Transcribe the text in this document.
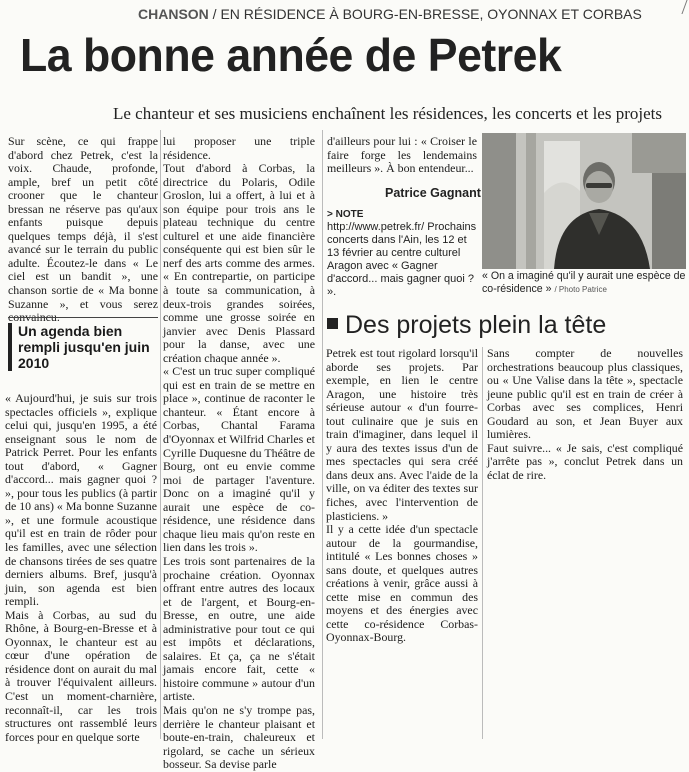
CHANSON / EN RÉSIDENCE À BOURG-EN-BRESSE, OYONNAX ET CORBAS
La bonne année de Petrek
Le chanteur et ses musiciens enchaînent les résidences, les concerts et les projets

Sur scène, ce qui frappe d'abord chez Petrek, c'est la voix. Chaude, profonde, ample, bref un petit côté crooner que le chanteur bressan ne réserve pas qu'aux enfants puisque depuis quelques temps déjà, il s'est avancé sur le terrain du public adulte. Écoutez-le dans « Le ciel est un bandit », une chanson sortie de « Ma bonne Suzanne », et vous serez convaincu.

Un agenda bien rempli jusqu'en juin 2010

« Aujourd'hui, je suis sur trois spectacles officiels », explique celui qui, jusqu'en 1995, a été enseignant sous le nom de Patrick Perret. Pour les enfants tout d'abord, « Gagner d'accord... mais gagner quoi ? », pour tous les publics (à partir de 10 ans) « Ma bonne Suzanne », et une formule acoustique qu'il est en train de rôder pour les familles, avec une sélection de chansons tirées de ses quatre derniers albums. Bref, jusqu'à juin, son agenda est bien rempli.

Mais à Corbas, au sud du Rhône, à Bourg-en-Bresse et à Oyonnax, le chanteur est au cœur d'une opération de résidence dont on aurait du mal à trouver l'équivalent ailleurs. C'est un moment-charnière, reconnaît-il, car les trois structures ont rassemblé leurs forces pour en quelque sorte

lui proposer une triple résidence.

Tout d'abord à Corbas, la directrice du Polaris, Odile Groslon, lui a offert, à lui et à son équipe pour trois ans le plateau technique du centre culturel et une aide financière conséquente qui est bien sûr le nerf des arts comme des armes. « En contrepartie, on participe à toute sa communication, à deux-trois grandes soirées, comme une grosse soirée en janvier avec Denis Plassard pour la danse, avec une création chaque année ».

« C'est un truc super compliqué qui est en train de se mettre en place », continue de raconter le chanteur. « Étant encore à Corbas, Chantal Farama d'Oyonnax et Wilfrid Charles et Cyrille Duquesne du Théâtre de Bourg, ont eu envie comme moi de partager l'aventure. Donc on a imaginé qu'il y aurait une espèce de co-résidence, une résidence dans chaque lieu mais qu'on reste en lien dans les trois ».

Les trois sont partenaires de la prochaine création. Oyonnax offrant entre autres des locaux et de l'argent, et Bourg-en-Bresse, en outre, une aide administrative pour tout ce qui est impôts et déclarations, salaires. Et ça, ça ne s'était jamais encore fait, cette « histoire commune » autour d'un artiste.

Mais qu'on ne s'y trompe pas, derrière le chanteur plaisant et boute-en-train, chaleureux et rigolard, se cache un sérieux bosseur. Sa devise parle

d'ailleurs pour lui : « Croiser le faire forge les lendemains meilleurs ». À bon entendeur...

Patrice Gagnant
> NOTE
http://www.petrek.fr/ Prochains concerts dans l'Ain, les 12 et 13 février au centre culturel Aragon avec « Gagner d'accord... mais gagner quoi ? ».
« On a imaginé qu'il y aurait une espèce de co-résidence » / Photo Patrice
Des projets plein la tête

Petrek est tout rigolard lorsqu'il aborde ses projets. Par exemple, en lien le centre Aragon, une histoire très sérieuse autour « d'un fourre-tout culinaire que je suis en train d'imaginer, dans lequel il y aura des textes issus d'un de mes spectacles qui sera créé dans deux ans. Avec l'aide de la ville, on va éditer des textes sur fiches, avec l'intervention de plasticiens. »

Il y a cette idée d'un spectacle autour de la gourmandise, intitulé « Les bonnes choses » sans doute, et quelques autres créations à venir, grâce aussi à cette mise en commun des moyens et des énergies avec cette co-résidence Corbas-Oyonnax-Bourg.

Sans compter de nouvelles orchestrations beaucoup plus classiques, ou « Une Valise dans la tête », spectacle jeune public qu'il est en train de créer à Corbas avec ses complices, Henri Goudard au son, et Jean Buyer aux lumières.

Faut suivre... « Je sais, c'est compliqué j'arrête pas », conclut Petrek dans un éclat de rire.
